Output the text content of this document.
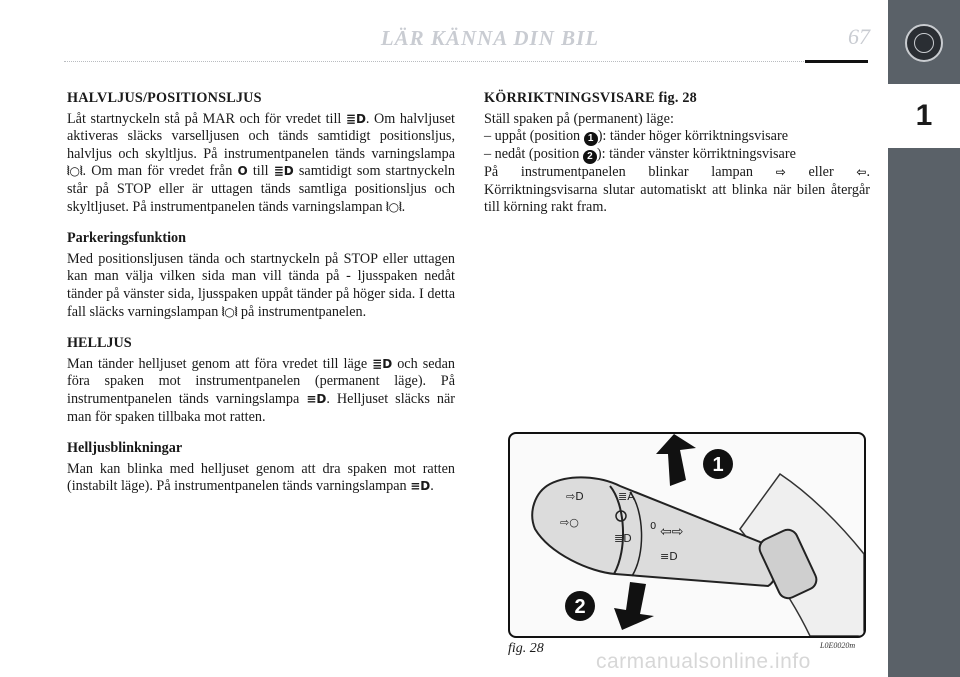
1
LÄR KÄNNA DIN BIL	67
HALVLJUS/POSITIONSLJUS

Låt startnyckeln stå på MAR och för vredet till ≣D. Om halvljuset aktiveras släcks varselljusen och tänds samtidigt positionsljus, halvljus och skyltljus. På instrumentpanelen tänds varningslampa ⦚○⦚. Om man för vredet från O till ≣D samtidigt som startnyckeln står på STOP eller är uttagen tänds samtliga positionsljus och skyltljuset. På instrumentpanelen tänds varningslampan ⦚○⦚.

Parkeringsfunktion

Med positionsljusen tända och startnyckeln på STOP eller uttagen kan man välja vilken sida man vill tända på - ljusspaken nedåt tänder på vänster sida, ljusspaken uppåt tänder på höger sida. I detta fall släcks varningslampan ⦚○⦚ på instrumentpanelen.

HELLJUS

Man tänder helljuset genom att föra vredet till läge ≣D och sedan föra spaken mot instrumentpanelen (permanent läge). På instrumentpanelen tänds varningslampa ≡D. Helljuset släcks när man för spaken tillbaka mot ratten.

Helljusblinkningar

Man kan blinka med helljuset genom att dra spaken mot ratten (instabilt läge). På instrumentpanelen tänds varningslampan ≡D.

KÖRRIKTNINGSVISARE fig. 28

Ställ spaken på (permanent) läge:

– uppåt (position 1 ): tänder höger körriktningsvisare

– nedåt (position 2 ): tänder vänster körriktningsvisare

På instrumentpanelen blinkar lampan ⇨ eller ⇦. Körriktningsvisarna slutar automatiskt att blinka när bilen återgår till körning rakt fram.

⇨D
⇨○
≣A
≣D
0 ⇦⇨
≡D
1
2
fig. 28	L0E0020m
carmanualsonline.info
